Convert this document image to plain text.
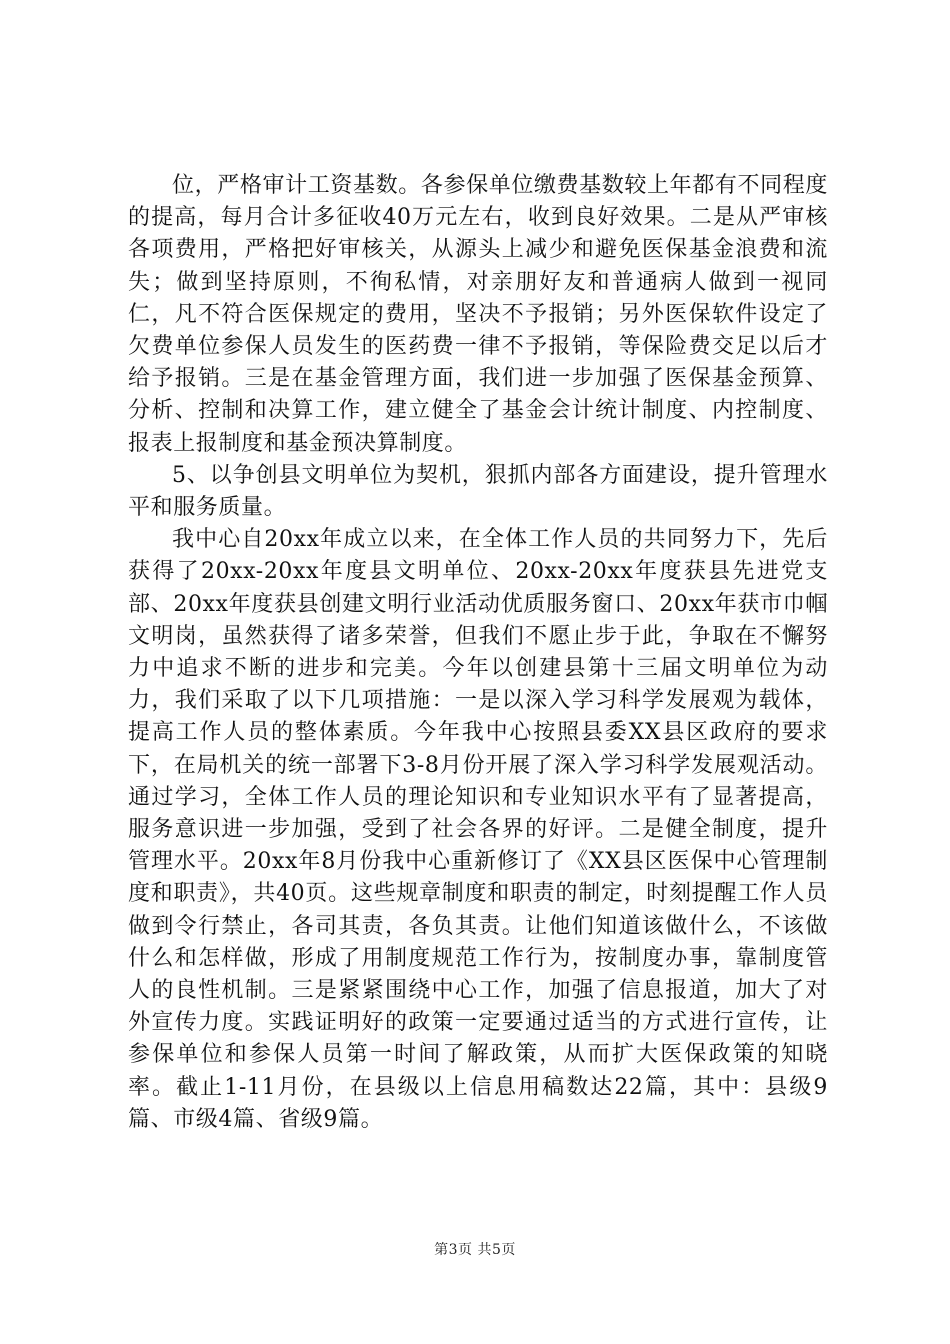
位，严格审计工资基数。各参保单位缴费基数较上年都有不同程度的提高，每月合计多征收40万元左右，收到良好效果。二是从严审核各项费用，严格把好审核关，从源头上减少和避免医保基金浪费和流失；做到坚持原则，不徇私情，对亲朋好友和普通病人做到一视同仁，凡不符合医保规定的费用，坚决不予报销；另外医保软件设定了欠费单位参保人员发生的医药费一律不予报销，等保险费交足以后才给予报销。三是在基金管理方面，我们进一步加强了医保基金预算、分析、控制和决算工作，建立健全了基金会计统计制度、内控制度、报表上报制度和基金预决算制度。

5、以争创县文明单位为契机，狠抓内部各方面建设，提升管理水平和服务质量。

我中心自20xx年成立以来，在全体工作人员的共同努力下，先后获得了20xx-20xx年度县文明单位、20xx-20xx年度获县先进党支部、20xx年度获县创建文明行业活动优质服务窗口、20xx年获市巾帼文明岗，虽然获得了诸多荣誉，但我们不愿止步于此，争取在不懈努力中追求不断的进步和完美。今年以创建县第十三届文明单位为动力，我们采取了以下几项措施：一是以深入学习科学发展观为载体，提高工作人员的整体素质。今年我中心按照县委XX县区政府的要求下，在局机关的统一部署下3-8月份开展了深入学习科学发展观活动。通过学习，全体工作人员的理论知识和专业知识水平有了显著提高，服务意识进一步加强，受到了社会各界的好评。二是健全制度，提升管理水平。20xx年8月份我中心重新修订了《XX县区医保中心管理制度和职责》，共40页。这些规章制度和职责的制定，时刻提醒工作人员做到令行禁止，各司其责，各负其责。让他们知道该做什么，不该做什么和怎样做，形成了用制度规范工作行为，按制度办事，靠制度管人的良性机制。三是紧紧围绕中心工作，加强了信息报道，加大了对外宣传力度。实践证明好的政策一定要通过适当的方式进行宣传，让参保单位和参保人员第一时间了解政策，从而扩大医保政策的知晓率。截止1-11月份，在县级以上信息用稿数达22篇，其中：县级9篇、市级4篇、省级9篇。

第3页 共5页
